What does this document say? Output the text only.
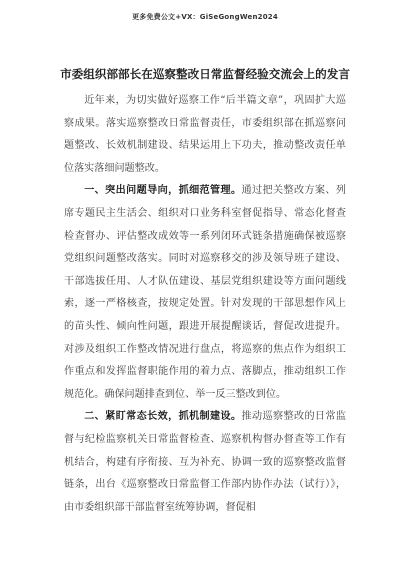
更多免费公文+VX：GiSeGongWen2024
市委组织部部长在巡察整改日常监督经验交流会上的发言

近年来，为切实做好巡察工作“后半篇文章”，巩固扩大巡察成果。落实巡察整改日常监督责任，市委组织部在抓巡察问题整改、长效机制建设、结果运用上下功夫，推动整改责任单位落实落细问题整改。

一、突出问题导向，抓细范管理。通过把关整改方案、列席专题民主生活会、组织对口业务科室督促指导、常态化督查检查督办、评估整改成效等一系列闭环式链条措施确保被巡察党组织问题整改落实。同时对巡察移交的涉及领导班子建设、干部选拔任用、人才队伍建设、基层党组织建设等方面问题线索，逐一严格核查，按规定处置。针对发现的干部思想作风上的苗头性、倾向性问题，跟进开展提醒谈话，督促改进提升。对涉及组织工作整改情况进行盘点，将巡察的焦点作为组织工作重点和发挥监督职能作用的着力点、落脚点，推动组织工作规范化。确保问题排查到位、举一反三整改到位。

二、紧盯常态长效，抓机制建设。推动巡察整改的日常监督与纪检监察机关日常监督检查、巡察机构督办督查等工作有机结合，构建有序衔接、互为补充、协调一致的巡察整改监督链条，出台《巡察整改日常监督工作部内协作办法（试行）》，由市委组织部干部监督室统筹协调，督促相
